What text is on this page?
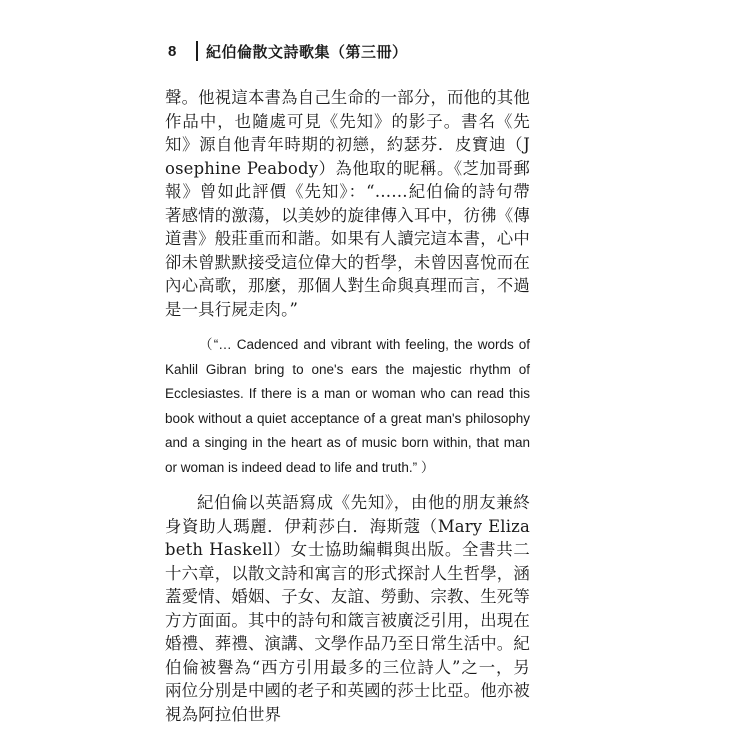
8	紀伯倫散文詩歌集（第三冊）

聲。他視這本書為自己生命的一部分，而他的其他作品中，也隨處可見《先知》的影子。書名《先知》源自他青年時期的初戀，約瑟芬．皮寶迪（Josephine Peabody）為他取的昵稱。《芝加哥郵報》曾如此評價《先知》：“……紀伯倫的詩句帶著感情的激蕩，以美妙的旋律傳入耳中，彷彿《傳道書》般莊重而和諧。如果有人讀完這本書，心中卻未曾默默接受這位偉大的哲學，未曾因喜悅而在內心高歌，那麼，那個人對生命與真理而言，不過是一具行屍走肉。”

（“… Cadenced and vibrant with feeling, the words of Kahlil Gibran bring to one's ears the majestic rhythm of Ecclesiastes. If there is a man or woman who can read this book without a quiet acceptance of a great man's philosophy and a singing in the heart as of music born within, that man or woman is indeed dead to life and truth.” ）

紀伯倫以英語寫成《先知》，由他的朋友兼終身資助人瑪麗．伊莉莎白．海斯蔻（Mary Elizabeth Haskell）女士協助編輯與出版。全書共二十六章，以散文詩和寓言的形式探討人生哲學，涵蓋愛情、婚姻、子女、友誼、勞動、宗教、生死等方方面面。其中的詩句和箴言被廣泛引用，出現在婚禮、葬禮、演講、文學作品乃至日常生活中。紀伯倫被譽為“西方引用最多的三位詩人”之一，另兩位分別是中國的老子和英國的莎士比亞。他亦被視為阿拉伯世界
